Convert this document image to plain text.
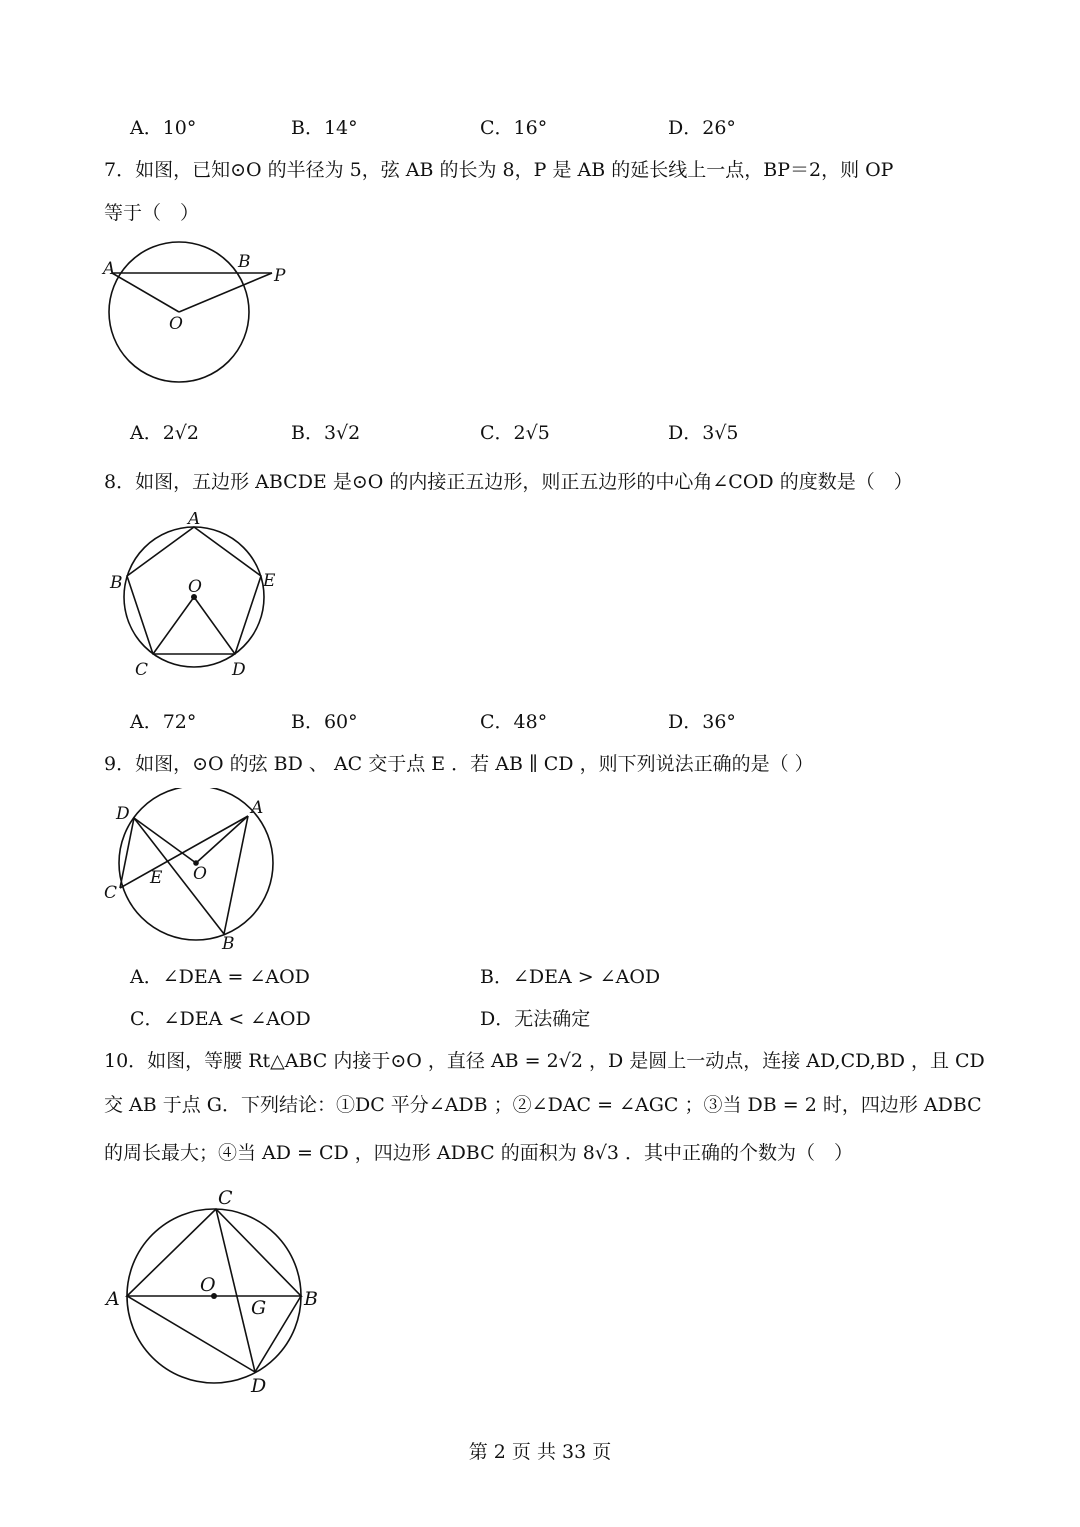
A．10°	B．14°	C．16°	D．26°
7．如图，已知⊙O 的半径为 5，弦 AB 的长为 8，P 是 AB 的延长线上一点，BP＝2，则 OP
等于（　）
A	B
P
O
A．2√2	B．3√2	C．2√5	D．3√5
8．如图，五边形 ABCDE 是⊙O 的内接正五边形，则正五边形的中心角∠COD 的度数是（　）
A
B	E
O
C	D
A．72°	B．60°	C．48°	D．36°
9．如图，⊙O 的弦 BD 、 AC 交于点 E ．若 AB ∥ CD ，则下列说法正确的是（ ）
D	A
O
E
C
B
A．∠DEA = ∠AOD	B．∠DEA > ∠AOD
C．∠DEA < ∠AOD	D．无法确定
10．如图，等腰 Rt△ABC 内接于⊙O ，直径 AB = 2√2 ，D 是圆上一动点，连接 AD,CD,BD ，且 CD
交 AB 于点 G．下列结论：①DC 平分∠ADB ；②∠DAC = ∠AGC ；③当 DB = 2 时，四边形 ADBC
的周长最大；④当 AD = CD ，四边形 ADBC 的面积为 8√3 ．其中正确的个数为（　）
C
A
O
G B
D
第 2 页 共 33 页
